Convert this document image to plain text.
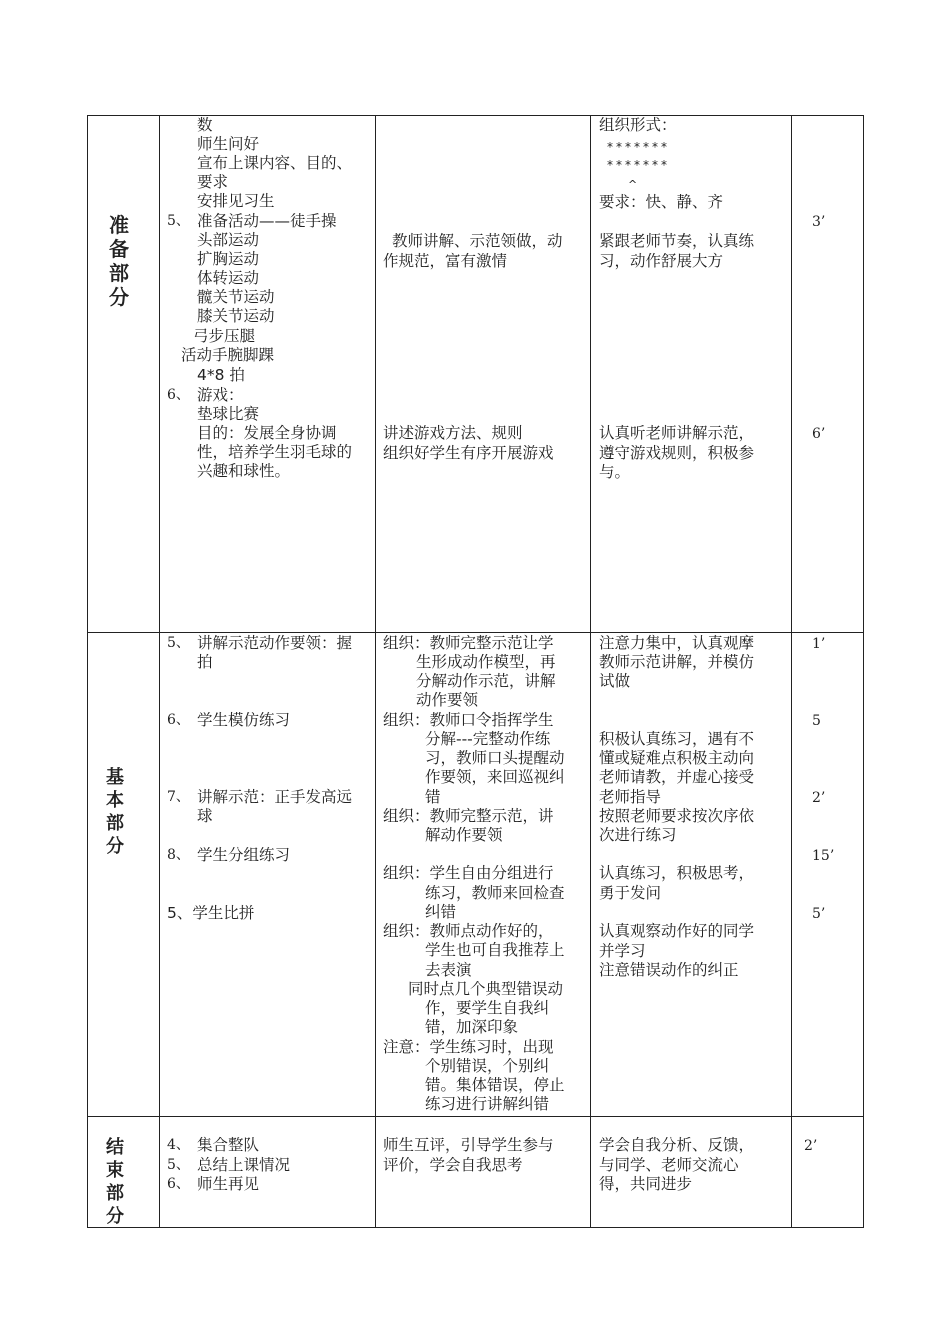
准
备
部
分
基
本
部
分
结
束
部
分
数
师生问好
宣布上课内容、目的、
要求
安排见习生
5、 准备活动——徒手操
头部运动
扩胸运动
体转运动
髋关节运动
膝关节运动
弓步压腿
活动手腕脚踝
4*8 拍
6、 游戏：
垫球比赛
目的：发展全身协调
性，培养学生羽毛球的
兴趣和球性。
教师讲解、示范领做，动
作规范，富有激情
讲述游戏方法、规则
组织好学生有序开展游戏
组织形式：
*******
*******
^
要求：快、静、齐
紧跟老师节奏，认真练
习，动作舒展大方
认真听老师讲解示范，
遵守游戏规则，积极参
与。
3’
6’
5、 讲解示范动作要领：握
拍
6、 学生模仿练习
7、 讲解示范：正手发高远
球
8、 学生分组练习
5、学生比拼
组织：教师完整示范让学
生形成动作模型，再
分解动作示范，讲解
动作要领
组织：教师口令指挥学生
分解---完整动作练
习，教师口头提醒动
作要领，来回巡视纠
错
组织：教师完整示范，讲
解动作要领
组织：学生自由分组进行
练习，教师来回检查
纠错
组织：教师点动作好的，
学生也可自我推荐上
去表演
同时点几个典型错误动
作，要学生自我纠
错，加深印象
注意：学生练习时，出现
个别错误，个别纠
错。集体错误，停止
练习进行讲解纠错
注意力集中，认真观摩
教师示范讲解，并模仿
试做
积极认真练习，遇有不
懂或疑难点积极主动向
老师请教，并虚心接受
老师指导
按照老师要求按次序依
次进行练习
认真练习，积极思考，
勇于发问
认真观察动作好的同学
并学习
注意错误动作的纠正
1’
5
2’
15’
5’
4、 集合整队
5、 总结上课情况
6、 师生再见
师生互评，引导学生参与
评价，学会自我思考
学会自我分析、反馈，
与同学、老师交流心
得，共同进步
2’
